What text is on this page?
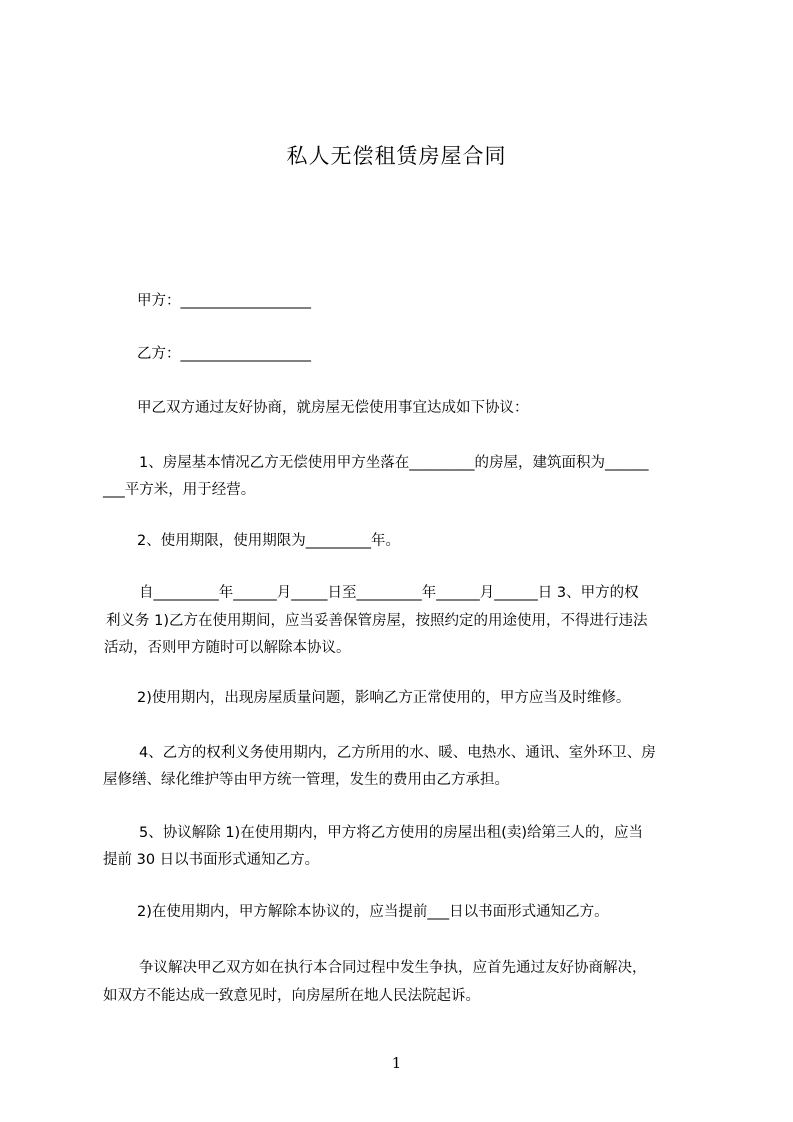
私人无偿租赁房屋合同
甲方：__________________
乙方：__________________
甲乙双方通过友好协商，就房屋无偿使用事宜达成如下协议：
1、房屋基本情况乙方无偿使用甲方坐落在_________的房屋，建筑面积为______
___平方米，用于经营。
2、使用期限，使用期限为_________年。
自_________年______月_____日至_________年______月______日 3、甲方的权
利义务 1)乙方在使用期间，应当妥善保管房屋，按照约定的用途使用，不得进行违法
活动，否则甲方随时可以解除本协议。
2)使用期内，出现房屋质量问题，影响乙方正常使用的，甲方应当及时维修。
4、乙方的权利义务使用期内，乙方所用的水、暖、电热水、通讯、室外环卫、房
屋修缮、绿化维护等由甲方统一管理，发生的费用由乙方承担。
5、协议解除 1)在使用期内，甲方将乙方使用的房屋出租(卖)给第三人的，应当
提前 30 日以书面形式通知乙方。
2)在使用期内，甲方解除本协议的，应当提前___日以书面形式通知乙方。
争议解决甲乙双方如在执行本合同过程中发生争执，应首先通过友好协商解决，
如双方不能达成一致意见时，向房屋所在地人民法院起诉。
1
